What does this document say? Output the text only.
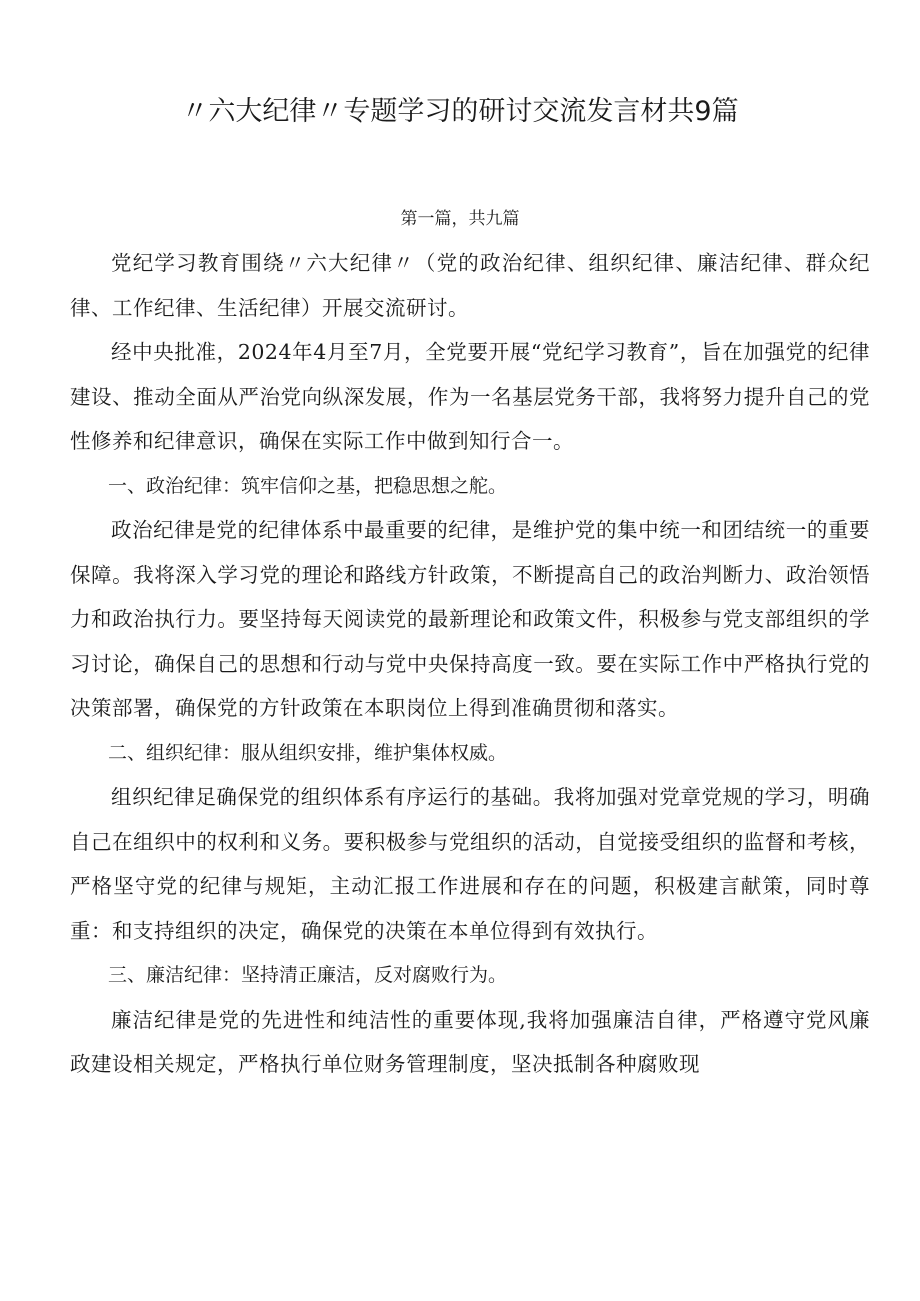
〃六大纪律〃专题学习的研讨交流发言材共9篇
第一篇，共九篇

党纪学习教育围绕〃六大纪律〃（党的政治纪律、组织纪律、廉洁纪律、群众纪律、工作纪律、生活纪律）开展交流研讨。

经中央批准，2024年4月至7月，全党要开展“党纪学习教育”，旨在加强党的纪律建设、推动全面从严治党向纵深发展，作为一名基层党务干部，我将努力提升自己的党性修养和纪律意识，确保在实际工作中做到知行合一。

一、政治纪律：筑牢信仰之基，把稳思想之舵。

政治纪律是党的纪律体系中最重要的纪律，是维护党的集中统一和团结统一的重要保障。我将深入学习党的理论和路线方针政策，不断提高自己的政治判断力、政治领悟力和政治执行力。要坚持每天阅读党的最新理论和政策文件，积极参与党支部组织的学习讨论，确保自己的思想和行动与党中央保持高度一致。要在实际工作中严格执行党的决策部署，确保党的方针政策在本职岗位上得到准确贯彻和落实。

二、组织纪律：服从组织安排，维护集体权威。

组织纪律足确保党的组织体系有序运行的基础。我将加强对党章党规的学习，明确自己在组织中的权利和义务。要积极参与党组织的活动，自觉接受组织的监督和考核，严格坚守党的纪律与规矩，主动汇报工作进展和存在的问题，积极建言献策，同时尊重：和支持组织的决定，确保党的决策在本单位得到有效执行。

三、廉洁纪律：坚持清正廉洁，反对腐败行为。

廉洁纪律是党的先进性和纯洁性的重要体现,我将加强廉洁自律，严格遵守党风廉政建设相关规定，严格执行单位财务管理制度，坚决抵制各种腐败现
